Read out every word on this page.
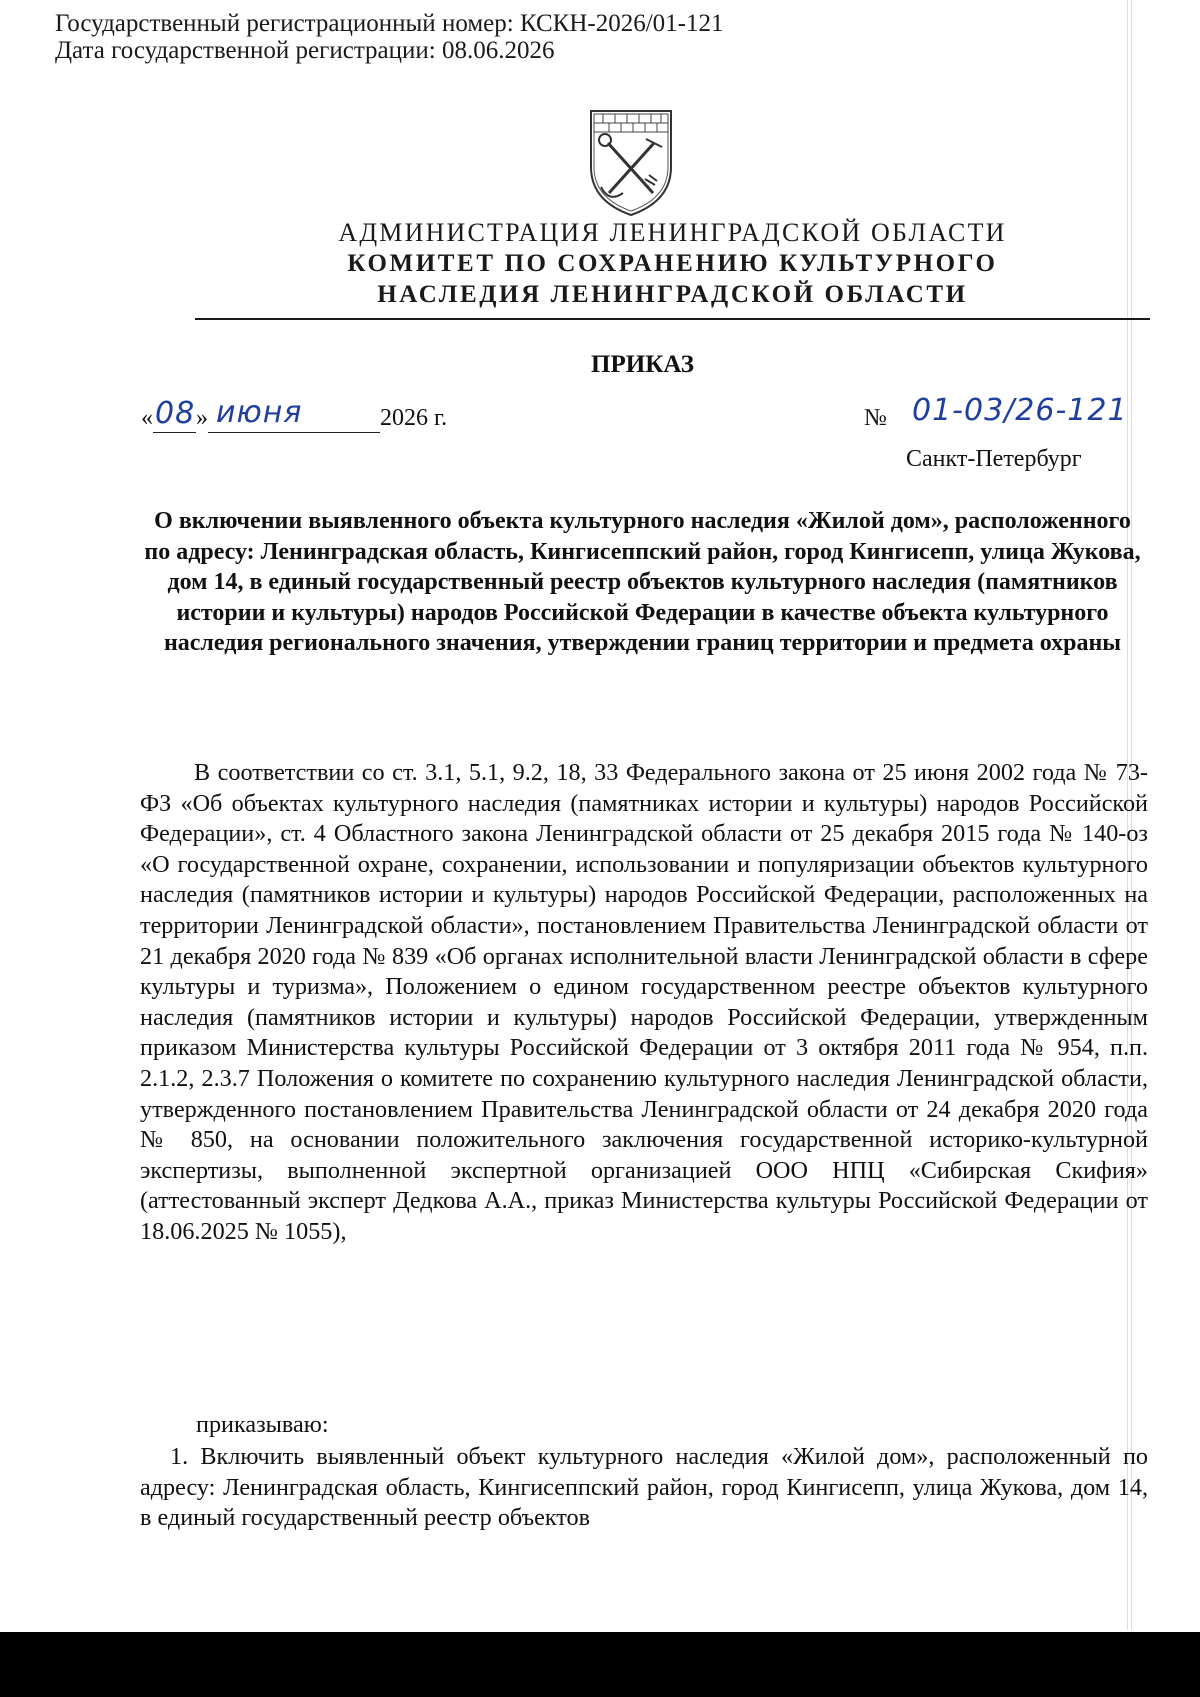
Государственный регистрационный номер: КСКН-2026/01-121
Дата государственной регистрации: 08.06.2026
АДМИНИСТРАЦИЯ ЛЕНИНГРАДСКОЙ ОБЛАСТИ
КОМИТЕТ ПО СОХРАНЕНИЮ КУЛЬТУРНОГО
НАСЛЕДИЯ ЛЕНИНГРАДСКОЙ ОБЛАСТИ
ПРИКАЗ
« »	2026 г.
08 июня	№ 01-03/26-121
Санкт-Петербург
О включении выявленного объекта культурного наследия «Жилой дом», расположенного по адресу: Ленинградская область, Кингисеппский район, город Кингисепп, улица Жукова, дом 14, в единый государственный реестр объектов культурного наследия (памятников истории и культуры) народов Российской Федерации в качестве объекта культурного наследия регионального значения, утверждении границ территории и предмета охраны

В соответствии со ст. 3.1, 5.1, 9.2, 18, 33 Федерального закона от 25 июня 2002 года № 73-ФЗ «Об объектах культурного наследия (памятниках истории и культуры) народов Российской Федерации», ст. 4 Областного закона Ленинградской области от 25 декабря 2015 года № 140-оз «О государственной охране, сохранении, использовании и популяризации объектов культурного наследия (памятников истории и культуры) народов Российской Федерации, расположенных на территории Ленинградской области», постановлением Правительства Ленинградской области от 21 декабря 2020 года № 839 «Об органах исполнительной власти Ленинградской области в сфере культуры и туризма», Положением о едином государственном реестре объектов культурного наследия (памятников истории и культуры) народов Российской Федерации, утвержденным приказом Министерства культуры Российской Федерации от 3 октября 2011 года № 954, п.п. 2.1.2, 2.3.7 Положения о комитете по сохранению культурного наследия Ленинградской области, утвержденного постановлением Правительства Ленинградской области от 24 декабря 2020 года № 850, на основании положительного заключения государственной историко-культурной экспертизы, выполненной экспертной организацией ООО НПЦ «Сибирская Скифия» (аттестованный эксперт Дедкова А.А., приказ Министерства культуры Российской Федерации от 18.06.2025 № 1055),

приказываю:
1. Включить выявленный объект культурного наследия «Жилой дом», расположенный по адресу: Ленинградская область, Кингисеппский район, город Кингисепп, улица Жукова, дом 14, в единый государственный реестр объектов
